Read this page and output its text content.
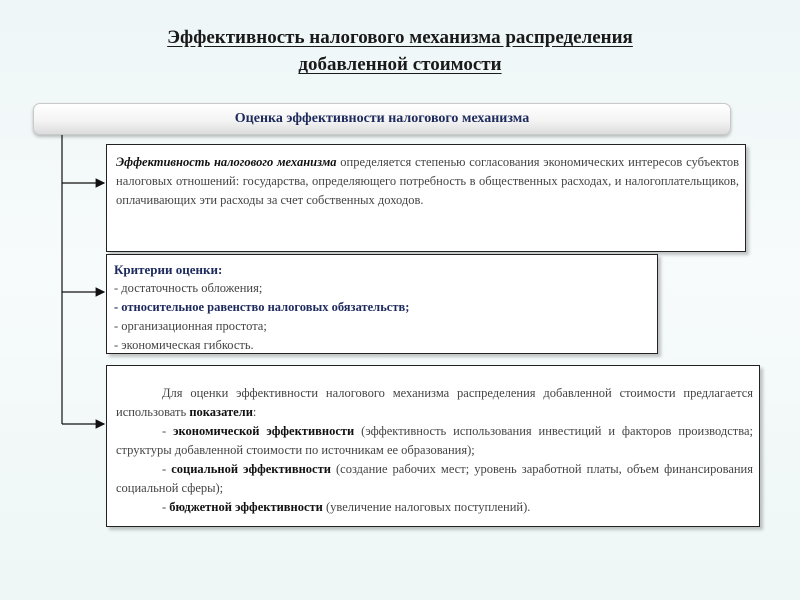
Эффективность налогового механизма распределения
добавленной стоимости
Оценка эффективности налогового механизма
Эффективность налогового механизма определяется степенью согласования экономических интересов субъектов налоговых отношений: государства, определяющего потребность в общественных расходах, и налогоплательщиков, оплачивающих эти расходы за счет собственных доходов.
Критерии оценки:
- достаточность обложения;
- относительное равенство налоговых обязательств;
- организационная простота;
- экономическая гибкость.

Для оценки эффективности налогового механизма распределения добавленной стоимости предлагается использовать показатели:

- экономической эффективности (эффективность использования инвестиций и факторов производства; структуры добавленной стоимости по источникам ее образования);

- социальной эффективности (создание рабочих мест; уровень заработной платы, объем финансирования социальной сферы);

- бюджетной эффективности (увеличение налоговых поступлений).
